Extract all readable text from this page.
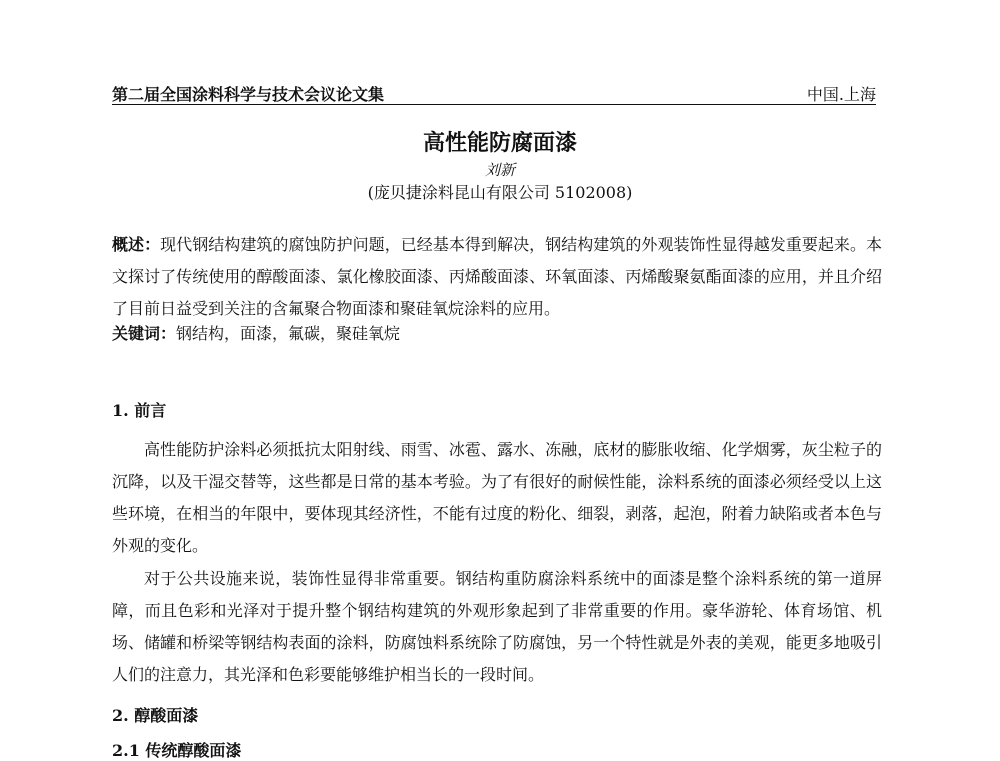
第二届全国涂料科学与技术会议论文集	中国.上海
高性能防腐面漆
刘新
(庞贝捷涂料昆山有限公司 5102008)

概述：现代钢结构建筑的腐蚀防护问题，已经基本得到解决，钢结构建筑的外观装饰性显得越发重要起来。本文探讨了传统使用的醇酸面漆、氯化橡胶面漆、丙烯酸面漆、环氧面漆、丙烯酸聚氨酯面漆的应用，并且介绍了目前日益受到关注的含氟聚合物面漆和聚硅氧烷涂料的应用。

关键词：钢结构，面漆，氟碳，聚硅氧烷

1. 前言

高性能防护涂料必须抵抗太阳射线、雨雪、冰雹、露水、冻融，底材的膨胀收缩、化学烟雾，灰尘粒子的沉降，以及干湿交替等，这些都是日常的基本考验。为了有很好的耐候性能，涂料系统的面漆必须经受以上这些环境，在相当的年限中，要体现其经济性，不能有过度的粉化、细裂，剥落，起泡，附着力缺陷或者本色与外观的变化。

对于公共设施来说，装饰性显得非常重要。钢结构重防腐涂料系统中的面漆是整个涂料系统的第一道屏障，而且色彩和光泽对于提升整个钢结构建筑的外观形象起到了非常重要的作用。豪华游轮、体育场馆、机场、储罐和桥梁等钢结构表面的涂料，防腐蚀料系统除了防腐蚀，另一个特性就是外表的美观，能更多地吸引人们的注意力，其光泽和色彩要能够维护相当长的一段时间。

2. 醇酸面漆
2.1 传统醇酸面漆
